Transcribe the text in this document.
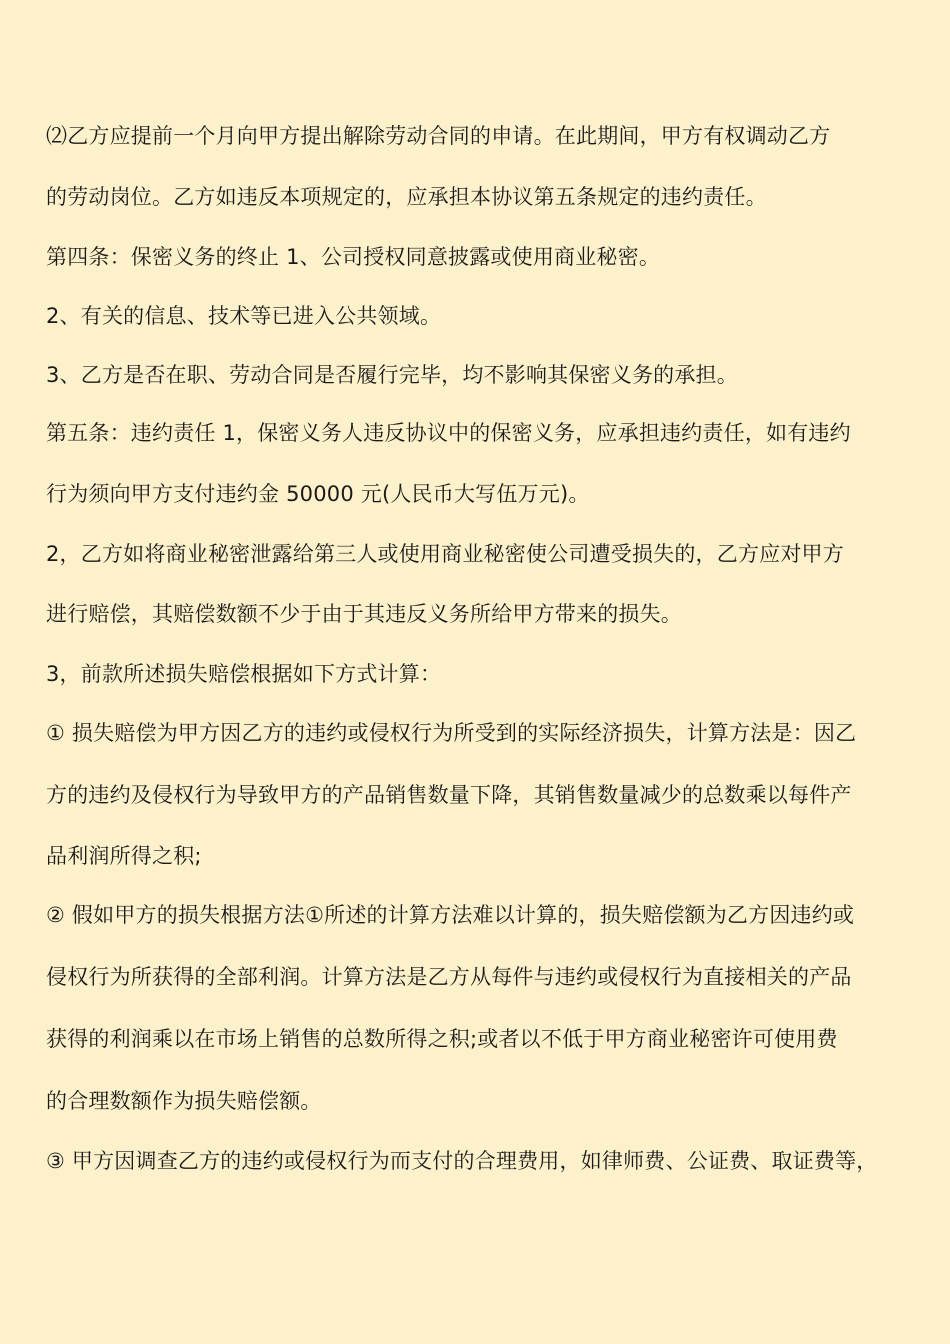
⑵乙方应提前一个月向甲方提出解除劳动合同的申请。在此期间，甲方有权调动乙方
的劳动岗位。乙方如违反本项规定的，应承担本协议第五条规定的违约责任。
第四条：保密义务的终止 1、公司授权同意披露或使用商业秘密。
2、有关的信息、技术等已进入公共领域。
3、乙方是否在职、劳动合同是否履行完毕，均不影响其保密义务的承担。
第五条：违约责任 1，保密义务人违反协议中的保密义务，应承担违约责任，如有违约
行为须向甲方支付违约金 50000 元(人民币大写伍万元)。
2，乙方如将商业秘密泄露给第三人或使用商业秘密使公司遭受损失的，乙方应对甲方
进行赔偿，其赔偿数额不少于由于其违反义务所给甲方带来的损失。
3，前款所述损失赔偿根据如下方式计算：
① 损失赔偿为甲方因乙方的违约或侵权行为所受到的实际经济损失，计算方法是：因乙
方的违约及侵权行为导致甲方的产品销售数量下降，其销售数量减少的总数乘以每件产
品利润所得之积;
② 假如甲方的损失根据方法①所述的计算方法难以计算的，损失赔偿额为乙方因违约或
侵权行为所获得的全部利润。计算方法是乙方从每件与违约或侵权行为直接相关的产品
获得的利润乘以在市场上销售的总数所得之积;或者以不低于甲方商业秘密许可使用费
的合理数额作为损失赔偿额。
③ 甲方因调查乙方的违约或侵权行为而支付的合理费用，如律师费、公证费、取证费等，
